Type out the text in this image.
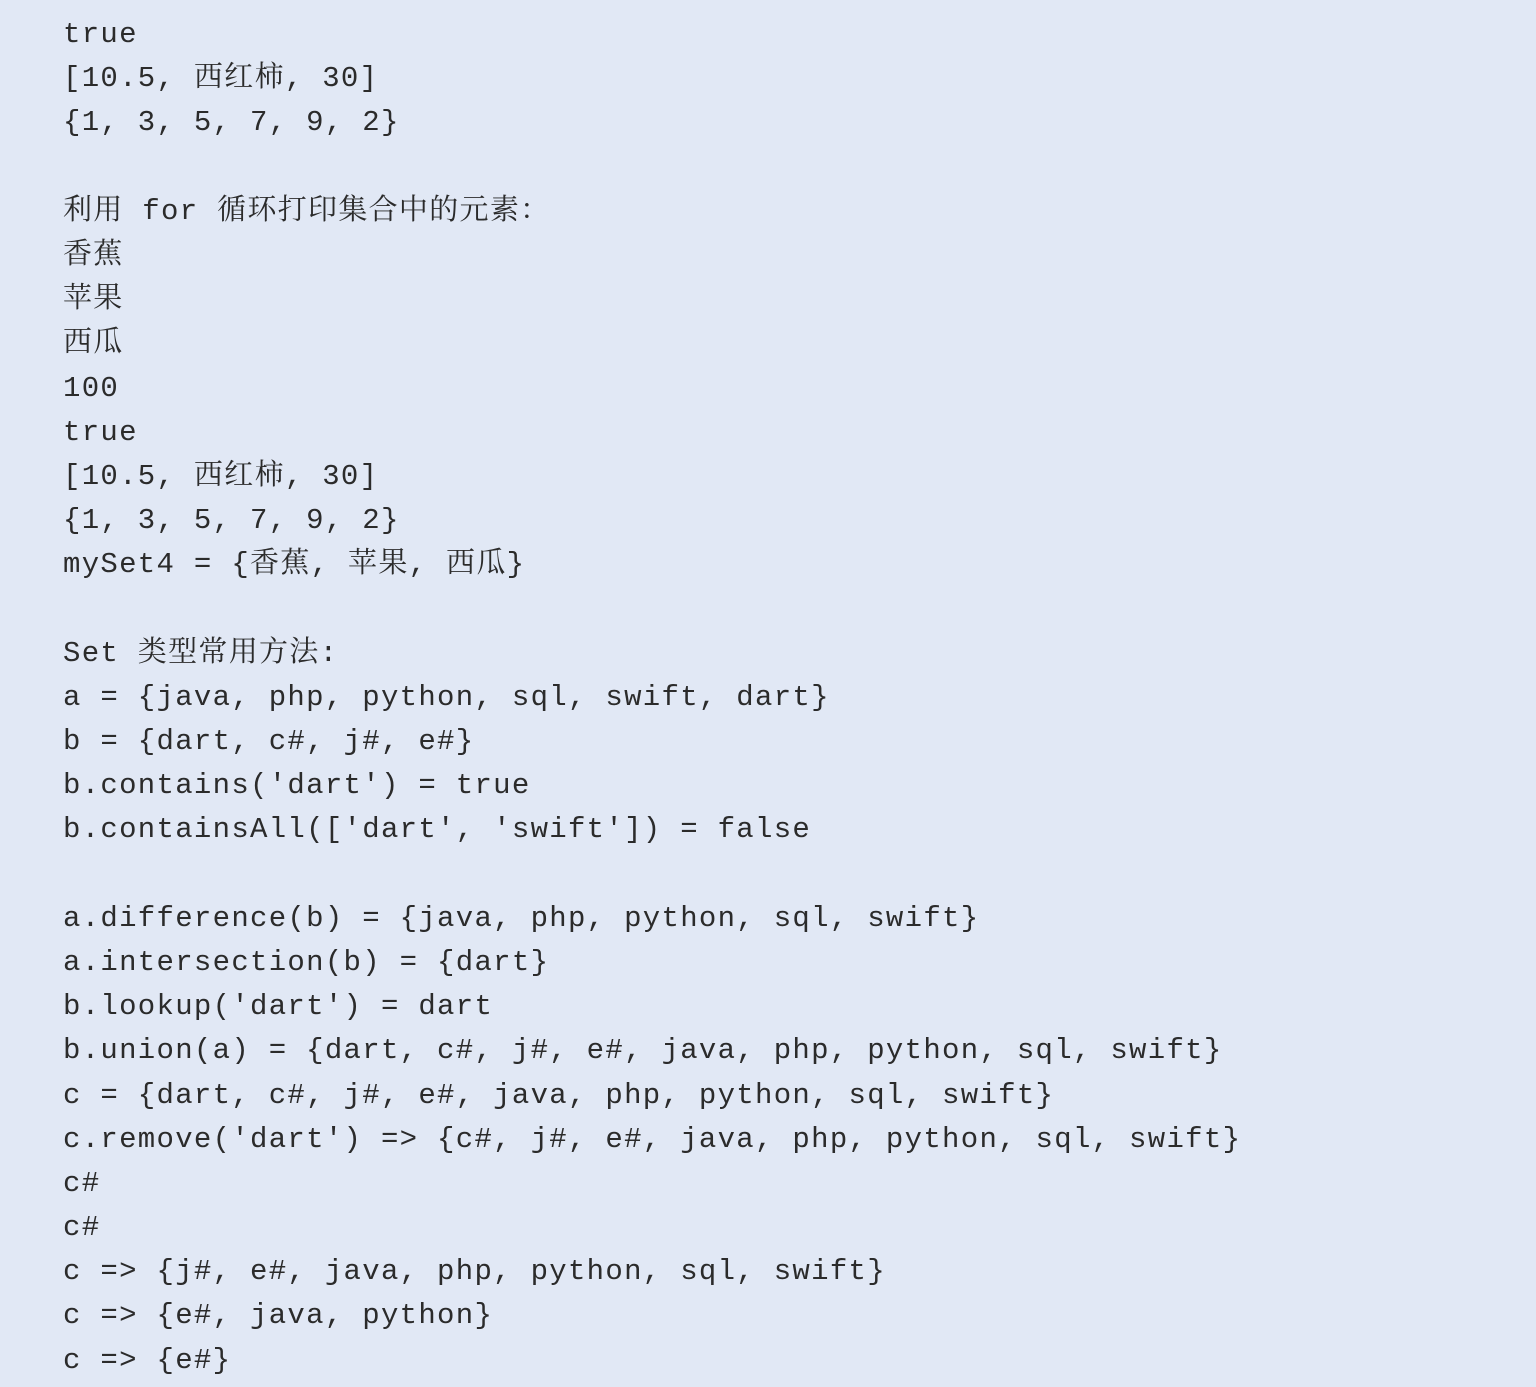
true
[10.5, 西红柿, 30]
{1, 3, 5, 7, 9, 2}
利用 for 循环打印集合中的元素：
香蕉
苹果
西瓜
100
true
[10.5, 西红柿, 30]
{1, 3, 5, 7, 9, 2}
mySet4 = {香蕉, 苹果, 西瓜}
Set 类型常用方法:
a = {java, php, python, sql, swift, dart}
b = {dart, c#, j#, e#}
b.contains('dart') = true
b.containsAll(['dart', 'swift']) = false
a.difference(b) = {java, php, python, sql, swift}
a.intersection(b) = {dart}
b.lookup('dart') = dart
b.union(a) = {dart, c#, j#, e#, java, php, python, sql, swift}
c = {dart, c#, j#, e#, java, php, python, sql, swift}
c.remove('dart') => {c#, j#, e#, java, php, python, sql, swift}
c#
c#
c => {j#, e#, java, php, python, sql, swift}
c => {e#, java, python}
c => {e#}
